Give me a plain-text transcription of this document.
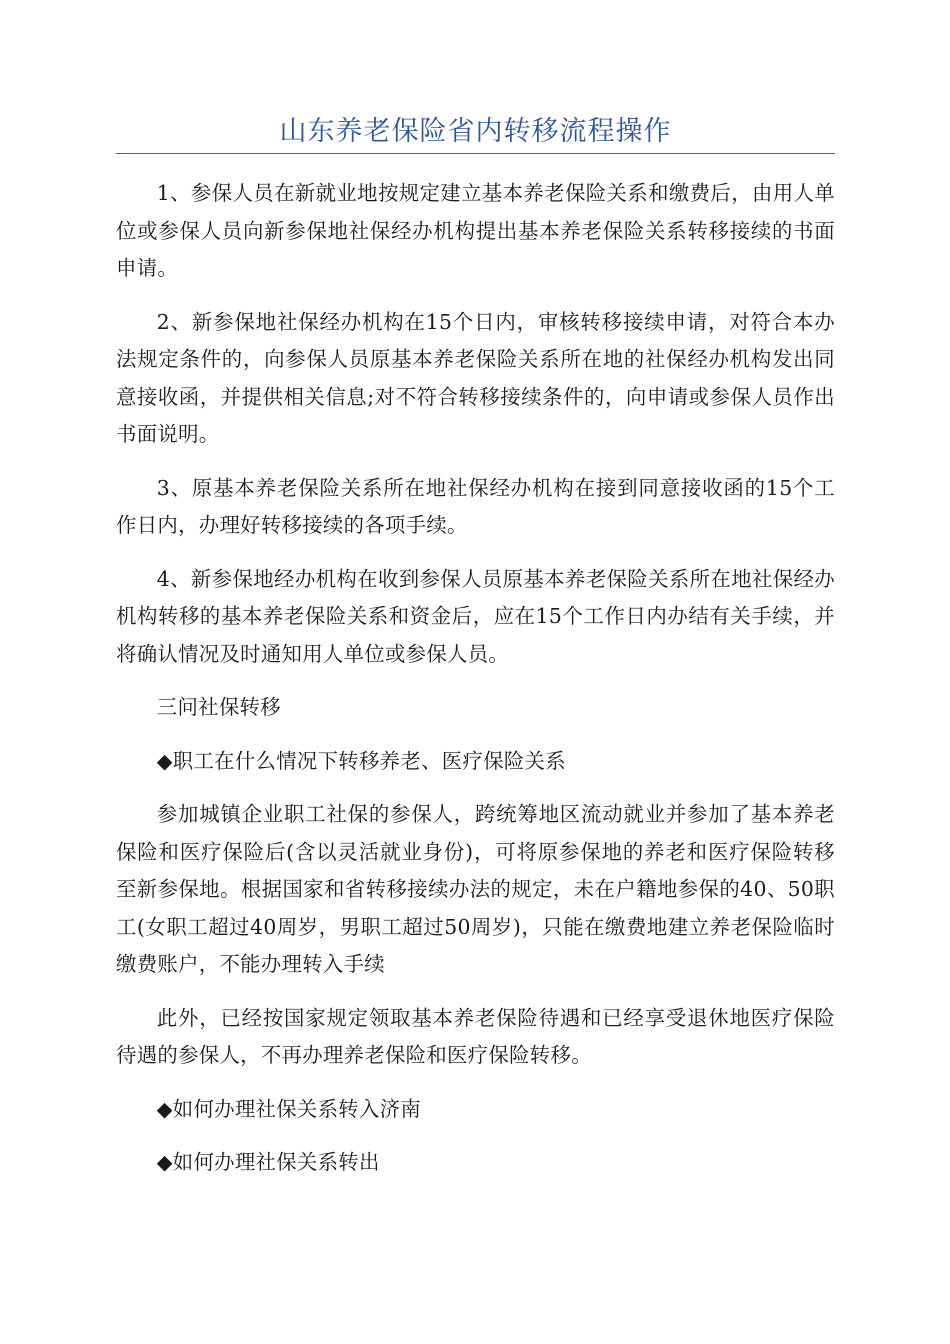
山东养老保险省内转移流程操作

1、参保人员在新就业地按规定建立基本养老保险关系和缴费后，由用人单位或参保人员向新参保地社保经办机构提出基本养老保险关系转移接续的书面申请。

2、新参保地社保经办机构在15个日内，审核转移接续申请，对符合本办法规定条件的，向参保人员原基本养老保险关系所在地的社保经办机构发出同意接收函，并提供相关信息;对不符合转移接续条件的，向申请或参保人员作出书面说明。

3、原基本养老保险关系所在地社保经办机构在接到同意接收函的15个工作日内，办理好转移接续的各项手续。

4、新参保地经办机构在收到参保人员原基本养老保险关系所在地社保经办机构转移的基本养老保险关系和资金后，应在15个工作日内办结有关手续，并将确认情况及时通知用人单位或参保人员。

三问社保转移

◆职工在什么情况下转移养老、医疗保险关系

参加城镇企业职工社保的参保人，跨统筹地区流动就业并参加了基本养老保险和医疗保险后(含以灵活就业身份)，可将原参保地的养老和医疗保险转移至新参保地。根据国家和省转移接续办法的规定，未在户籍地参保的40、50职工(女职工超过40周岁，男职工超过50周岁)，只能在缴费地建立养老保险临时缴费账户，不能办理转入手续

此外，已经按国家规定领取基本养老保险待遇和已经享受退休地医疗保险待遇的参保人，不再办理养老保险和医疗保险转移。

◆如何办理社保关系转入济南

◆如何办理社保关系转出
